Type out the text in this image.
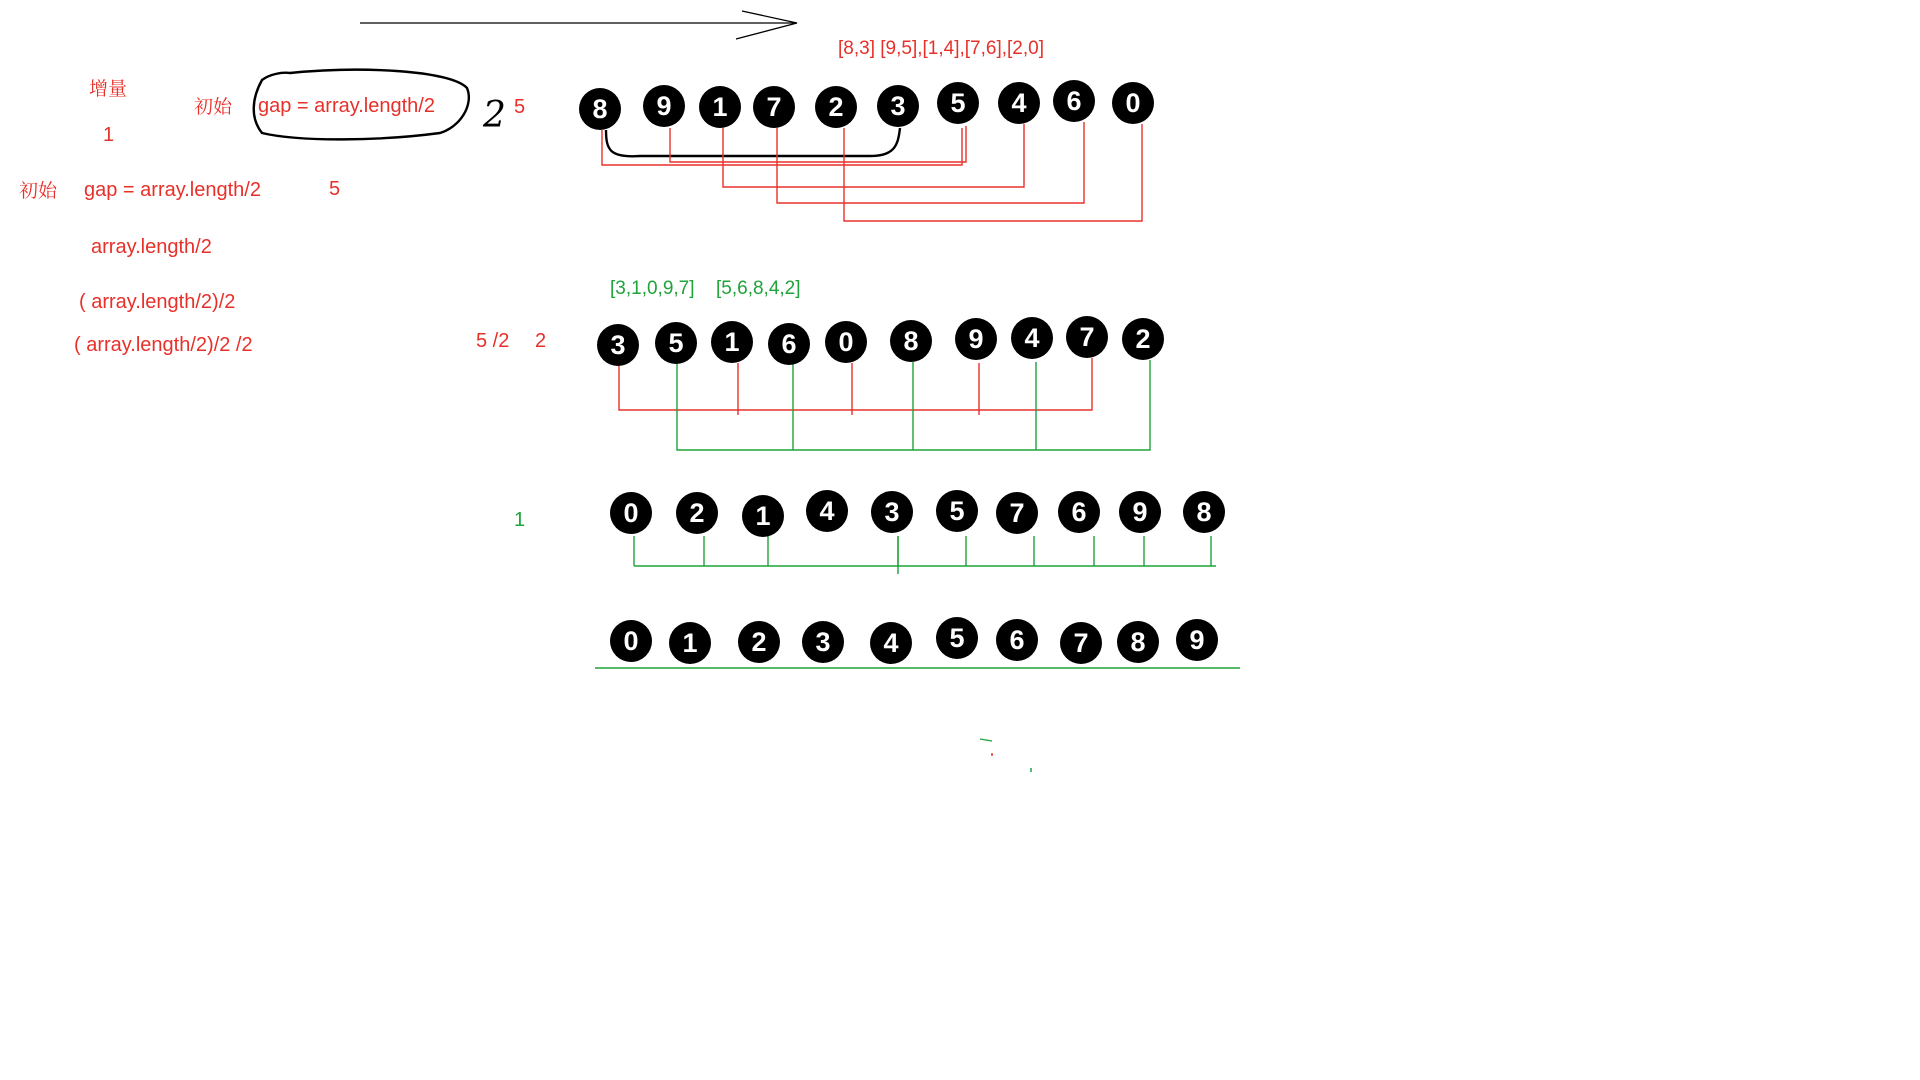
增量
1
初始 gap = array.length/2 2
初始 gap = array.length/2	5
array.length/2
( array.length/2)/2
( array.length/2)/2 /2
5
5 /2 2
1
[8,3] [9,5],[1,4],[7,6],[2,0]
[3,1,0,9,7] [5,6,8,4,2]
8	9	1	7	2	3	5	4	6	0
3	5	1	6	0	8	9	4	7	2
0	2	1	4	3	5	7	6	9	8
0	1	2	3	4	5	6	7	8	9
